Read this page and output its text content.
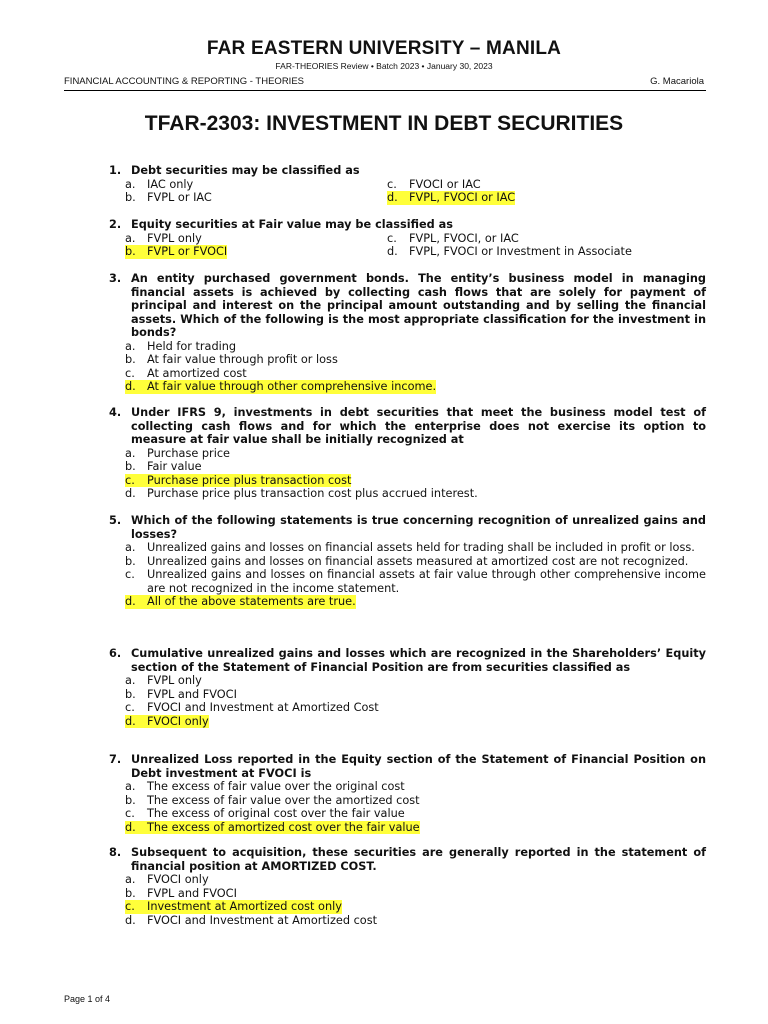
FAR EASTERN UNIVERSITY – MANILA
FAR-THEORIES Review • Batch 2023 • January 30, 2023
FINANCIAL ACCOUNTING & REPORTING - THEORIES	G. Macariola
TFAR-2303: INVESTMENT IN DEBT SECURITIES
1. Debt securities may be classified as
a.	IAC only	c.	FVOCI or IAC
b. FVPL or IAC	d. FVPL, FVOCI or IAC
2. Equity securities at Fair value may be classified as
a.	FVPL only	c.	FVPL, FVOCI, or IAC
b. FVPL or FVOCI	d. FVPL, FVOCI or Investment in Associate
3. An entity purchased government bonds. The entity’s business model in managing financial assets is achieved by collecting cash flows that are solely for payment of principal and interest on the principal amount outstanding and by selling the financial assets. Which of the following is the most appropriate classification for the investment in bonds?
a.	Held for trading
b. At fair value through profit or loss
c.	At amortized cost
d. At fair value through other comprehensive income.
4. Under IFRS 9, investments in debt securities that meet the business model test of collecting cash flows and for which the enterprise does not exercise its option to measure at fair value shall be initially recognized at
a.	Purchase price
b. Fair value
c.	Purchase price plus transaction cost
d. Purchase price plus transaction cost plus accrued interest.
5. Which of the following statements is true concerning recognition of unrealized gains and losses?
a.	Unrealized gains and losses on financial assets held for trading shall be included in profit or loss.
b. Unrealized gains and losses on financial assets measured at amortized cost are not recognized.
c.	Unrealized gains and losses on financial assets at fair value through other comprehensive income are not recognized in the income statement.
d. All of the above statements are true.
6. Cumulative unrealized gains and losses which are recognized in the Shareholders’ Equity section of the Statement of Financial Position are from securities classified as
a.	FVPL only
b. FVPL and FVOCI
c.	FVOCI and Investment at Amortized Cost
d. FVOCI only
7. Unrealized Loss reported in the Equity section of the Statement of Financial Position on Debt investment at FVOCI is
a.	The excess of fair value over the original cost
b. The excess of fair value over the amortized cost
c.	The excess of original cost over the fair value
d. The excess of amortized cost over the fair value
8. Subsequent to acquisition, these securities are generally reported in the statement of financial position at AMORTIZED COST.
a.	FVOCI only
b. FVPL and FVOCI
c.	Investment at Amortized cost only
d. FVOCI and Investment at Amortized cost
Page 1 of 4
